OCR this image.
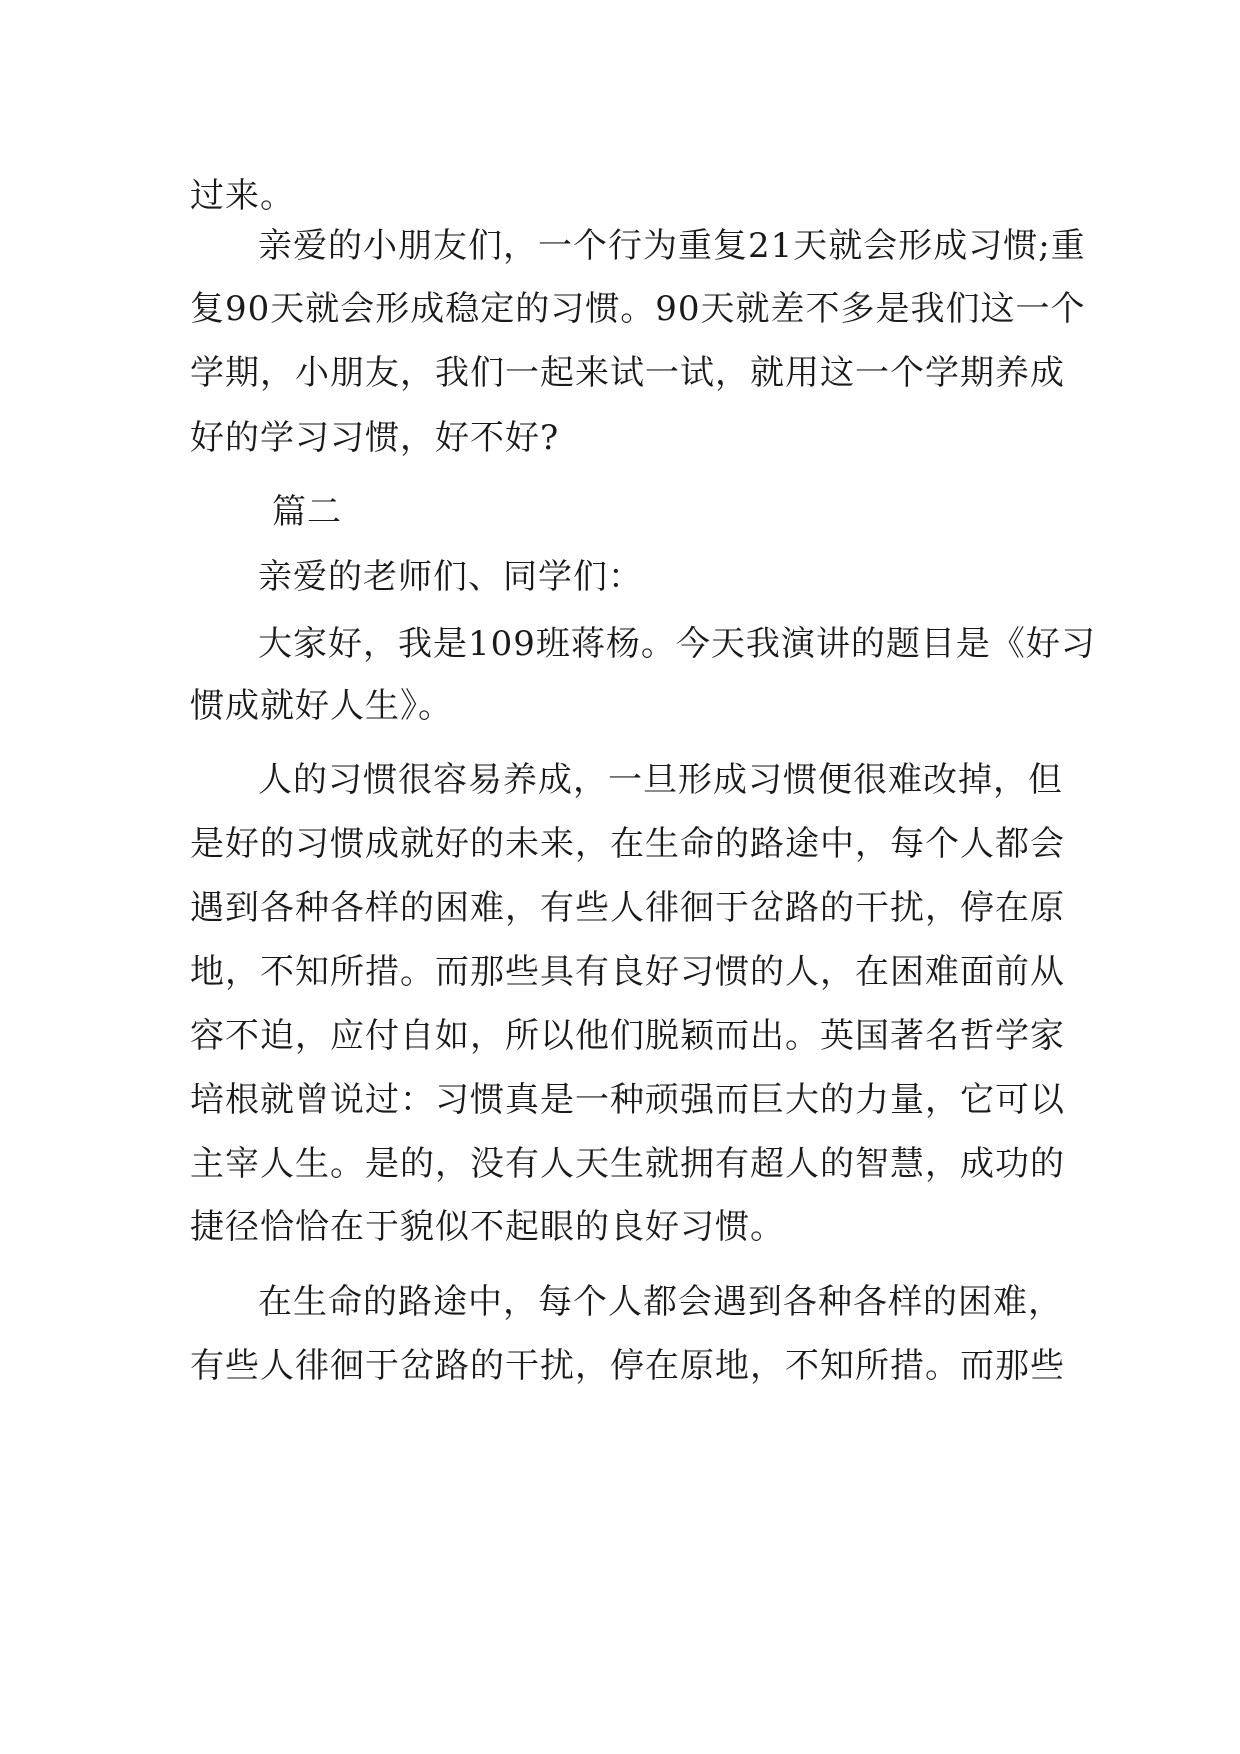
过来。
亲爱的小朋友们，一个行为重复21天就会形成习惯;重
复90天就会形成稳定的习惯。90天就差不多是我们这一个
学期，小朋友，我们一起来试一试，就用这一个学期养成
好的学习习惯，好不好?
篇二
亲爱的老师们、同学们：
大家好，我是109班蒋杨。今天我演讲的题目是《好习
惯成就好人生》。
人的习惯很容易养成，一旦形成习惯便很难改掉，但
是好的习惯成就好的未来，在生命的路途中，每个人都会
遇到各种各样的困难，有些人徘徊于岔路的干扰，停在原
地，不知所措。而那些具有良好习惯的人，在困难面前从
容不迫，应付自如，所以他们脱颖而出。英国著名哲学家
培根就曾说过：习惯真是一种顽强而巨大的力量，它可以
主宰人生。是的，没有人天生就拥有超人的智慧，成功的
捷径恰恰在于貌似不起眼的良好习惯。
在生命的路途中，每个人都会遇到各种各样的困难，
有些人徘徊于岔路的干扰，停在原地，不知所措。而那些
